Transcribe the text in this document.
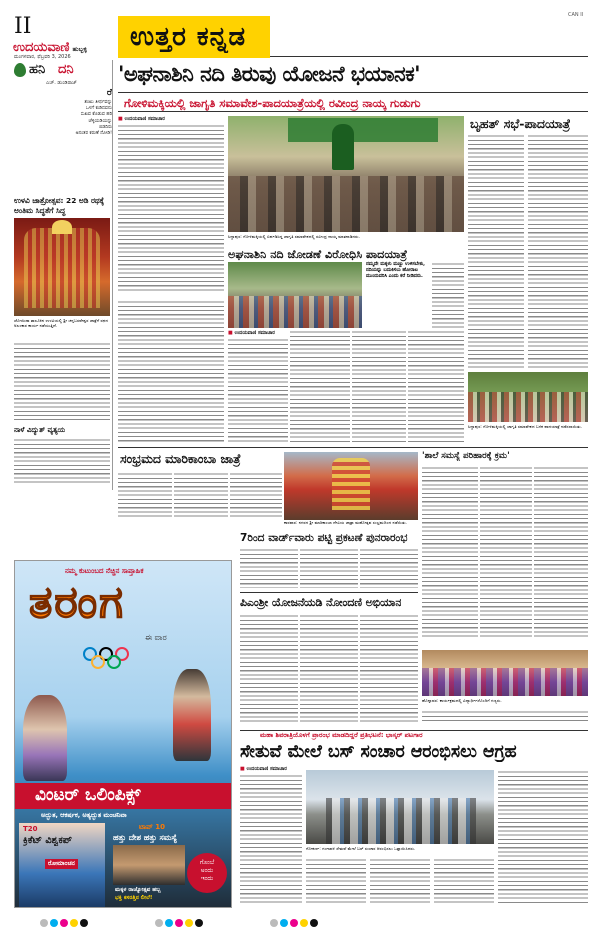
II
ಉದಯವಾಣಿ ಹುಬ್ಬಳ್ಳಿ
ಮಂಗಳವಾರ, ಫೆಬ್ರವರಿ 3, 2026
ಉತ್ತರ ಕನ್ನಡ
CAN II
ಹನಿ ದನಿ
ಎಚ್. ಡುಂಡಿರಾಜ್
ರೆ
ಶಂಖು ತೀರ್ಥವನ್ನು
ಒಳಗೆ ಕುಡಿದವನು
ಸುಖವ ಕೊಡುವ ಹರಿ
ಚೆಳ್ಳಿಯಡಿಯನ್ನು
ಬಿಡದಿರು
ಅನಂತರ ಕರುಣೆ ನೋಡಿ!
ಉಳವಿ ಜಾತ್ರೋತ್ಸವ: 22 ಅಡಿ ರಥಕ್ಕೆ ಅಂತಿಮ ಸಿದ್ಧತೆಗೆ ಸಿದ್ಧ
ಜೋಯಿಡಾ ತಾಲೂಕಿನ ಉಳವಿಯಲ್ಲಿ ಶ್ರೀ ಚನ್ನಬಸವೇಶ್ವರ ಜಾತ್ರೆಗೆ ರಥದ ಅಲಂಕಾರ ಕಾರ್ಯ ನಡೆಯುತ್ತಿದೆ.
ನಾಳೆ ವಿದ್ಯುತ್ ವ್ಯತ್ಯಯ
'ಅಘನಾಶಿನಿ ನದಿ ತಿರುವು ಯೋಜನೆ ಭಯಾನಕ'
ಗೋಳಿಮಕ್ಕಿಯಲ್ಲಿ ಜಾಗೃತಿ ಸಮಾವೇಶ-ಪಾದಯಾತ್ರೆಯಲ್ಲಿ ರವೀಂದ್ರ ನಾಯ್ಕ ಗುಡುಗು
■ ಉದಯವಾಣಿ ಸಮಾಚಾರ
ಸಿದ್ದಾಪುರ: ಗೋಳಿಮಕ್ಕಿಯಲ್ಲಿ ಏರ್ಪಡಿಸಿದ್ದ ಜಾಗೃತಿ ಸಮಾವೇಶದಲ್ಲಿ ರವೀಂದ್ರ ನಾಯ್ಕ ಮಾತನಾಡಿದರು.
ಬೃಹತ್ ಸಭೆ-ಪಾದಯಾತ್ರೆ
ಅಘನಾಶಿನಿ ನದಿ ಜೋಡಣೆ ವಿರೋಧಿಸಿ ಪಾದಯಾತ್ರೆ
ನಮ್ಮದೇ ಮಕ್ಕಳು ಮಣ್ಣು ಉಳಿಸಬೇಕು, ನದಿಯನ್ನು ಬದುಕಿಸಲು ಹೋರಾಟ ಮುಂದುವರಿಸಿ ಎಂದು ಕರೆ ನೀಡಿದರು.
■ ಉದಯವಾಣಿ ಸಮಾಚಾರ
ಸಿದ್ದಾಪುರ: ಗೋಳಿಮಕ್ಕಿಯಲ್ಲಿ ಜಾಗೃತಿ ಸಮಾವೇಶದ ಬಳಿಕ ಪಾದಯಾತ್ರೆ ನಡೆಸಲಾಯಿತು.
ಸಂಭ್ರಮದ ಮಾರಿಕಾಂಬಾ ಜಾತ್ರೆ
ಕಾರವಾರ: ನಗರದ ಶ್ರೀ ಮಾರಿಕಾಂಬಾ ದೇವಿಯ ಜಾತ್ರಾ ಮಹೋತ್ಸವ ಸಂಭ್ರಮದಿಂದ ನಡೆಯಿತು.
'ಶಾಲೆ ಸಮಸ್ಯೆ ಪರಿಹಾರಕ್ಕೆ ಕ್ರಮ'
ಹೊನ್ನಾವರ: ಕಾರ್ಯಕ್ರಮದಲ್ಲಿ ವಿದ್ಯಾರ್ಥಿಗಳೊಂದಿಗೆ ಗಣ್ಯರು.
ನಮ್ಮ ಕುಟುಂಬದ ನೆಚ್ಚಿನ ಸಾಪ್ತಾಹಿಕ
ತರಂಗ
ಈ ವಾರ
ವಿಂಟರ್ ಒಲಿಂಪಿಕ್ಸ್
ಅದ್ಭುತ, ಆಕರ್ಷಕ, ಅತ್ಯದ್ಭುತ ಮಂಚನಿವಾ
T20
ಕ್ರಿಕೆಟ್ ವಿಶ್ವಕಪ್
ರೋಮಾಂಚನ
ಟಾಪ್ 10
ಹತ್ತು ದೇಶ ಹತ್ತು ಸಮಸ್ಯೆ
ಮಕ್ಕಳ ರಾಜ್ಯೋತ್ಸವ ಹಬ್ಬ
ಭಕ್ತಿ ಕಸರತ್ತಿನ ಲೀಲೆ!
ಗೊಂಬೆ
ಅಂದು
ಇಂದು
7ರಿಂದ ವಾರ್ಡ್‌ವಾರು ಪಟ್ಟಿ ಪ್ರಕಟಣೆ ಪುನರಾರಂಭ
ಪಿಎಂಶ್ರೀ ಯೋಜನೆಯಡಿ ನೋಂದಣಿ ಅಭಿಯಾನ
ಮಹಾ ಶಿವರಾತ್ರಿಯೊಳಗೆ ಪ್ರಾರಂಭ ಮಾಡದಿದ್ದರೆ ಪ್ರತಿಭಟನೆ: ಭಾಸ್ಕರ್ ಪಟಗಾರ
ಸೇತುವೆ ಮೇಲೆ ಬಸ್ ಸಂಚಾರ ಆರಂಭಿಸಲು ಆಗ್ರಹ
■ ಉದಯವಾಣಿ ಸಮಾಚಾರ
ಗೋಕರ್ಣ: ಗಂಗಾವಳಿ ಸೇತುವೆ ಮೇಲೆ ಬಸ್ ಸಂಚಾರ ಆರಂಭಿಸಲು ಒತ್ತಾಯಿಸಿದರು.
